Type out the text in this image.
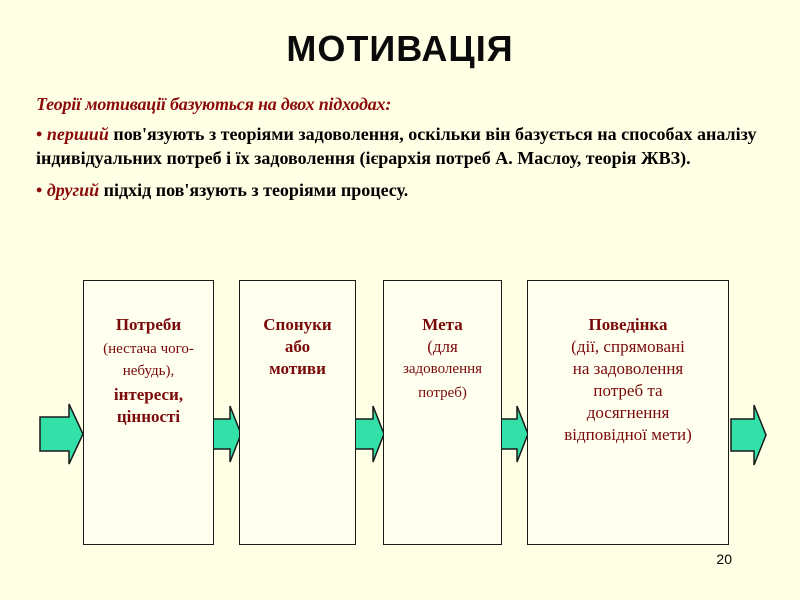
МОТИВАЦІЯ
Теорії мотивації базуються на двох підходах:
• перший пов'язують з теоріями задоволення, оскільки він базується на способах аналізу індивідуальних потреб і їх задоволення (ієрархія потреб А. Маслоу, теорія ЖВЗ).
• другий підхід пов'язують з теоріями процесу.
Потреби
(нестача чого-
небудь),
інтереси,
цінності
Спонуки
або
мотиви
Мета
(для
задоволення
потреб)
Поведінка
(дії, спрямовані
на задоволення
потреб та
досягнення
відповідної мети)
20
